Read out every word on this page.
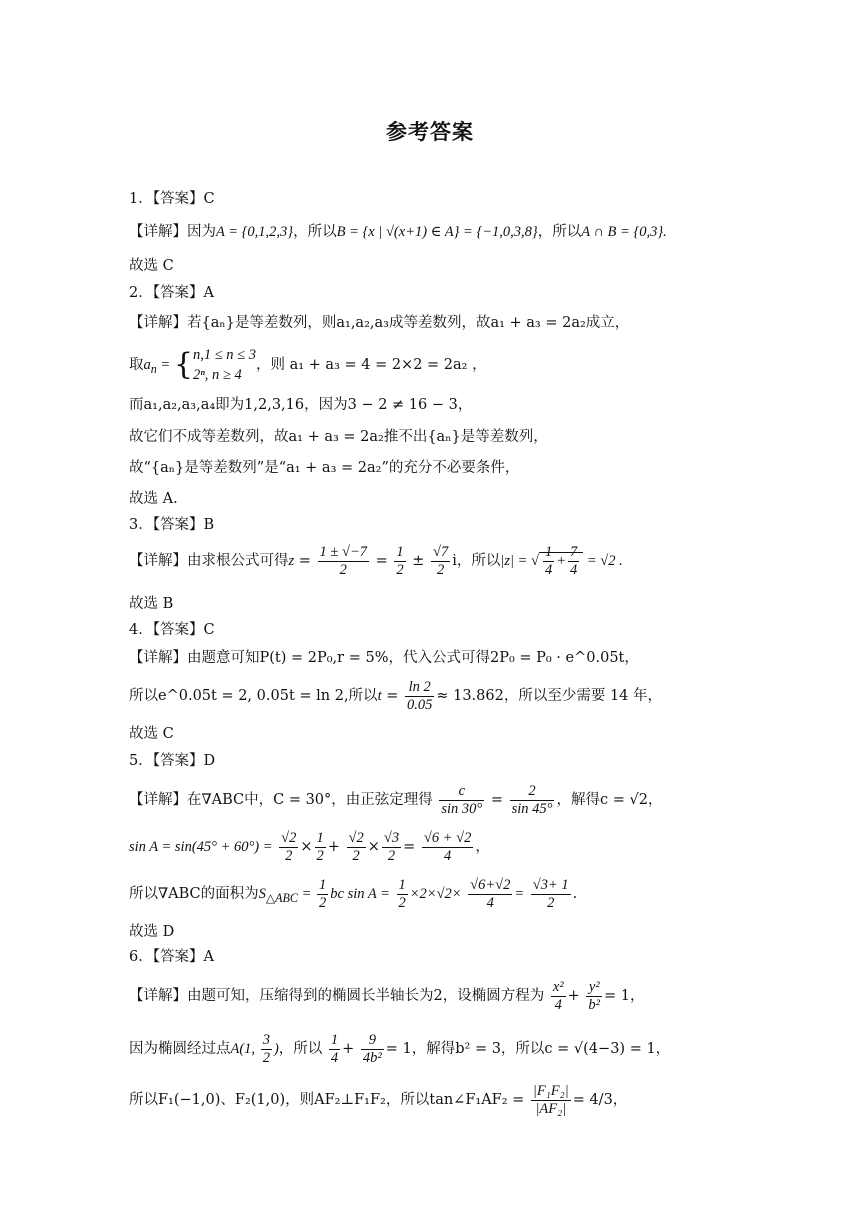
参考答案
1．【答案】C
【详解】因为A = {0,1,2,3}，所以B = {x | √(x+1) ∈ A} = {−1,0,3,8}，所以A ∩ B = {0,3}.
故选 C
2．【答案】A
【详解】若{aₙ}是等差数列，则a₁,a₂,a₃成等差数列，故a₁ + a₃ = 2a₂成立，
取$a_n$ = { n,1 ≤ n ≤ 3
2ⁿ, n ≥ 4
，则 a₁ + a₃ = 4 = 2×2 = 2a₂ ，
而a₁,a₂,a₃,a₄即为1,2,3,16，因为3 − 2 ≠ 16 − 3，
故它们不成等差数列，故a₁ + a₃ = 2a₂推不出{aₙ}是等差数列，
故“{aₙ}是等差数列”是“a₁ + a₃ = 2a₂”的充分不必要条件，
故选 A.
3．【答案】B
【详解】由求根公式可得$z = \frac{1 \pm √-7}{2} = \frac{1}{2} \pm \frac{√7}{2}$ i，所以|z| = √ $\frac{1}{4} + \frac{7}{4} = √2$ .
故选 B
4．【答案】C
【详解】由题意可知P(t) = 2P₀,r = 5%，代入公式可得2P₀ = P₀ · e^0.05t，
所以e^0.05t = 2, 0.05t = ln 2,所以$t = \frac{\ln 2}{0.05} \approx 13.862$，所以至少需要 14 年，
故选 C
5．【答案】D
【详解】在∇ABC中，C = 30°，由正弦定理得 $\frac{c}{\sin 30^\circ} = \frac{2}{\sin 45^\circ}$ ，解得c = √2，
$\sin A = \sin(45^\circ + 60^\circ) = \frac{√2}{2} \times \frac{1}{2} + \frac{√2}{2} \times \frac{√3}{2} = \frac{√6 + √2}{4}$ ，
所以∇ABC的面积为$S_{\triangle ABC} = \frac{1}{2}$ bc $\sin A = \frac{1}{2} \times 2\times√2\times \frac{√6+√2}{4} = \frac{√3+ 1}{2}$ .
故选 D
6．【答案】A
【详解】由题可知，压缩得到的椭圆长半轴长为2，设椭圆方程为 $\frac{\text{x²}}{4} + \frac{\text{y²}}{\text{b²}} = 1$，
因为椭圆经过点A(1, $\frac{3}{2}$ )，所以 $\frac{1}{4} + \frac{9}{\text{4b²}} = 1$，解得b² = 3，所以c = √(4−3) = 1，
所以F₁(−1,0)、F₂(1,0)，则AF₂⊥F₁F₂，所以tan∠F₁AF₂ = $\frac{\text{|F₁F₂|}}{\text{|AF₂|}} = 4/3$，
